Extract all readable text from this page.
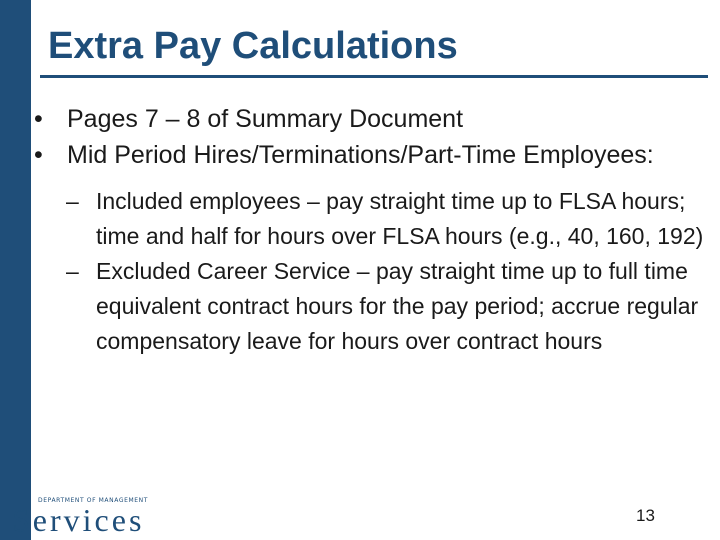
Extra Pay Calculations
• Pages 7 – 8 of Summary Document
• Mid Period Hires/Terminations/Part-Time Employees:
– Included employees – pay straight time up to FLSA hours; time and half for hours over FLSA hours (e.g., 40, 160, 192)
– Excluded Career Service – pay straight time up to full time equivalent contract hours for the pay period; accrue regular compensatory leave for hours over contract hours
DEPARTMENT OF MANAGEMENT
Services	13
